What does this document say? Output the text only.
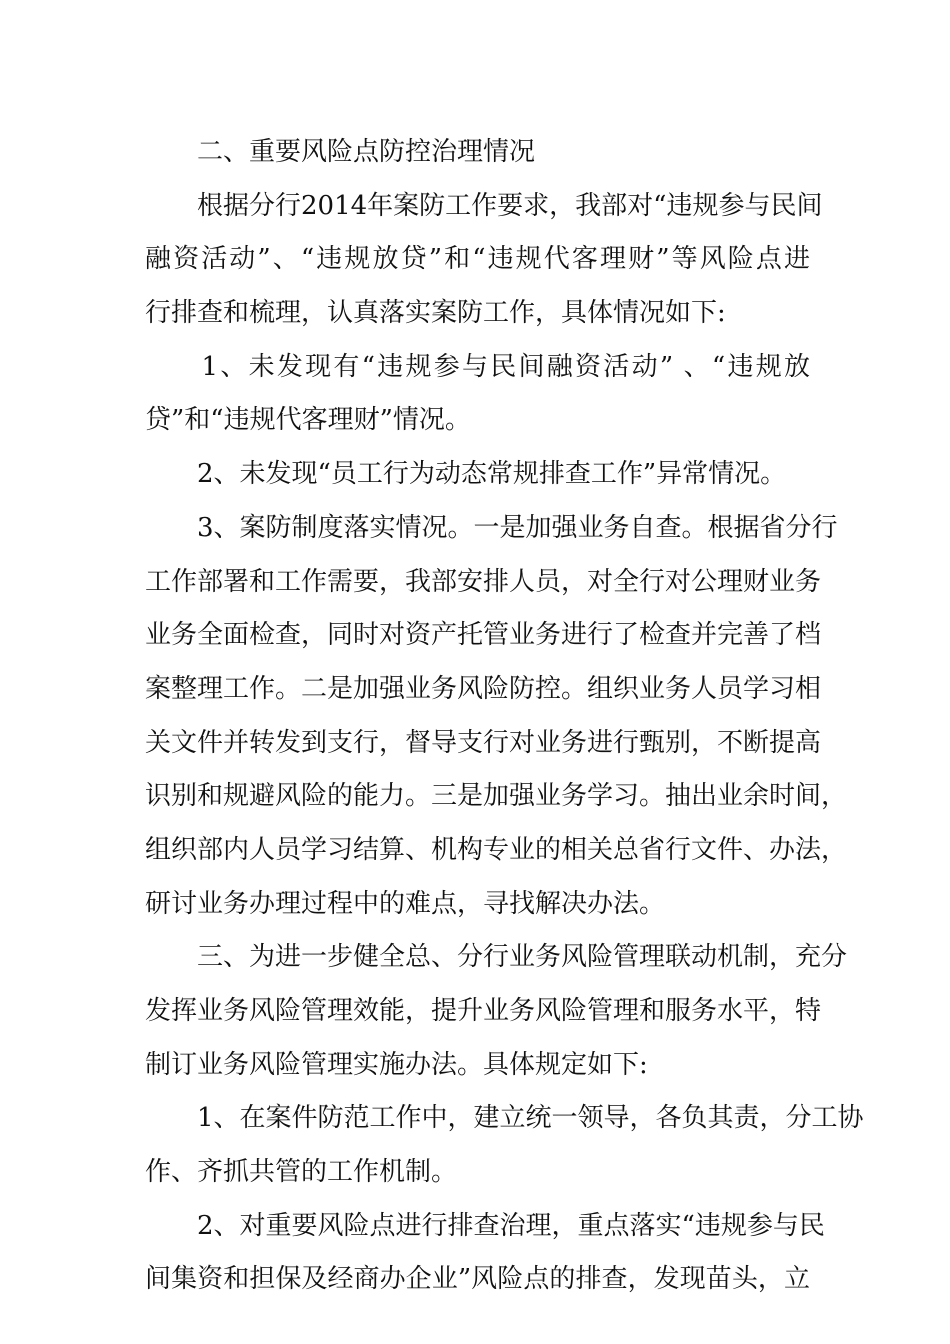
　　二、重要风险点防控治理情况
　　根据分行2014年案防工作要求，我部对“违规参与民间
融资活动”、“违规放贷”和“违规代客理财”等风险点进
行排查和梳理，认真落实案防工作，具体情况如下:
　　1、未发现有“违规参与民间融资活动” 、“违规放
贷”和“违规代客理财”情况。
　　2、未发现“员工行为动态常规排查工作”异常情况。
　　3、案防制度落实情况。一是加强业务自查。根据省分行
工作部署和工作需要，我部安排人员，对全行对公理财业务
业务全面检查，同时对资产托管业务进行了检查并完善了档
案整理工作。二是加强业务风险防控。组织业务人员学习相
关文件并转发到支行，督导支行对业务进行甄别，不断提高
识别和规避风险的能力。三是加强业务学习。抽出业余时间，
组织部内人员学习结算、机构专业的相关总省行文件、办法，
研讨业务办理过程中的难点，寻找解决办法。
　　三、为进一步健全总、分行业务风险管理联动机制，充分
发挥业务风险管理效能，提升业务风险管理和服务水平，特
制订业务风险管理实施办法。具体规定如下:
　　1、在案件防范工作中，建立统一领导，各负其责，分工协
作、齐抓共管的工作机制。
　　2、对重要风险点进行排查治理，重点落实“违规参与民
间集资和担保及经商办企业”风险点的排查，发现苗头，立
